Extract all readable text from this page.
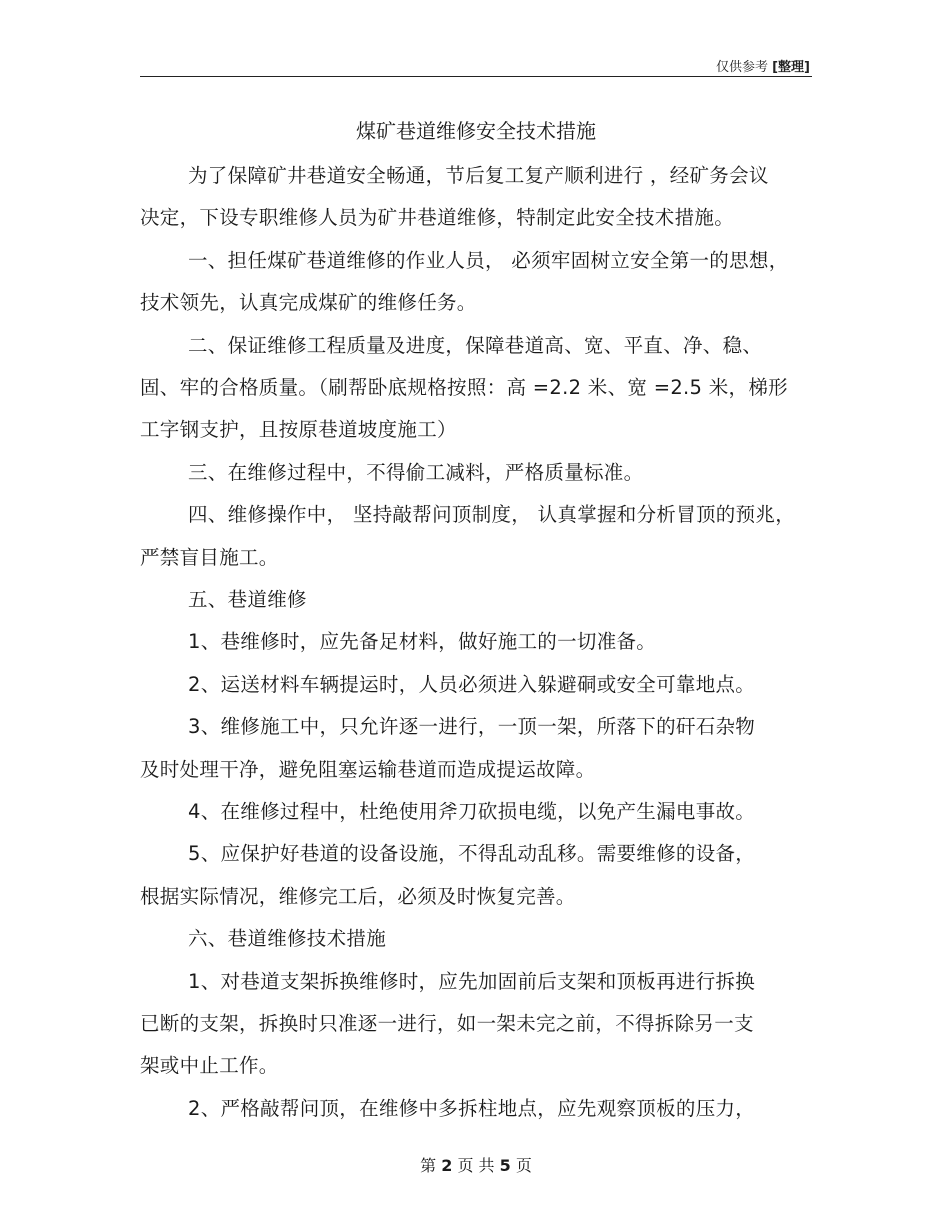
仅供参考 [整理]
煤矿巷道维修安全技术措施
为了保障矿井巷道安全畅通，节后复工复产顺利进行 ，经矿务会议
决定，下设专职维修人员为矿井巷道维修，特制定此安全技术措施。
一、担任煤矿巷道维修的作业人员， 必须牢固树立安全第一的思想，
技术领先，认真完成煤矿的维修任务。
二、保证维修工程质量及进度，保障巷道高、宽、平直、净、稳、
固、牢的合格质量。（刷帮卧底规格按照：高 =2.2 米、宽 =2.5 米，梯形
工字钢支护，且按原巷道坡度施工）
三、在维修过程中，不得偷工减料，严格质量标准。
四、维修操作中， 坚持敲帮问顶制度， 认真掌握和分析冒顶的预兆，
严禁盲目施工。
五、巷道维修
1、巷维修时，应先备足材料，做好施工的一切准备。
2、运送材料车辆提运时，人员必须进入躲避硐或安全可靠地点。
3、维修施工中，只允许逐一进行，一顶一架，所落下的矸石杂物
及时处理干净，避免阻塞运输巷道而造成提运故障。
4、在维修过程中，杜绝使用斧刀砍损电缆，以免产生漏电事故。
5、应保护好巷道的设备设施，不得乱动乱移。需要维修的设备，
根据实际情况，维修完工后，必须及时恢复完善。
六、巷道维修技术措施
1、对巷道支架拆换维修时，应先加固前后支架和顶板再进行拆换
已断的支架，拆换时只准逐一进行，如一架未完之前，不得拆除另一支
架或中止工作。
2、严格敲帮问顶，在维修中多拆柱地点，应先观察顶板的压力，
第 2 页 共 5 页
